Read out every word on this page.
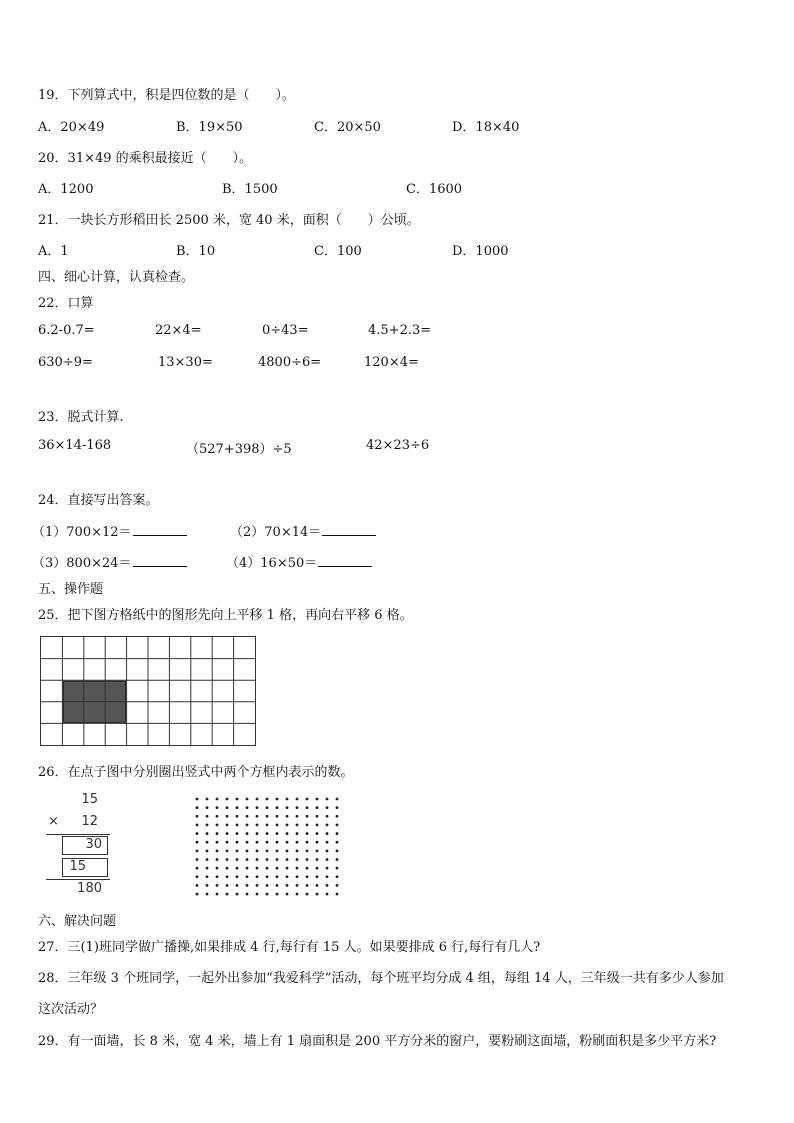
19．下列算式中，积是四位数的是（　　）。
A．20×49	B．19×50	C．20×50	D．18×40
20．31×49 的乘积最接近（　　）。
A．1200	B．1500	C．1600
21．一块长方形稻田长 2500 米，宽 40 米，面积（　　）公顷。
A．1	B．10	C．100	D．1000
四、细心计算，认真检查。
22．口算
6.2-0.7=	22×4=	0÷43=	4.5+2.3=
630÷9=	13×30=	4800÷6=	120×4=
23．脱式计算.
36×14-168	（527+398）÷5	42×23÷6
24．直接写出答案。
（1）700×12＝	（2）70×14＝
（3）800×24＝	（4）16×50＝
五、操作题
25．把下图方格纸中的图形先向上平移 1 格，再向右平移 6 格。
26．在点子图中分别圈出竖式中两个方框内表示的数。
15
× 12
30
15
180
六、解决问题
27．三(1)班同学做广播操,如果排成 4 行,每行有 15 人。如果要排成 6 行,每行有几人?
28．三年级 3 个班同学，一起外出参加“我爱科学”活动，每个班平均分成 4 组，每组 14 人，三年级一共有多少人参加
这次活动？
29．有一面墙，长 8 米，宽 4 米，墙上有 1 扇面积是 200 平方分米的窗户，要粉刷这面墙，粉刷面积是多少平方米?
